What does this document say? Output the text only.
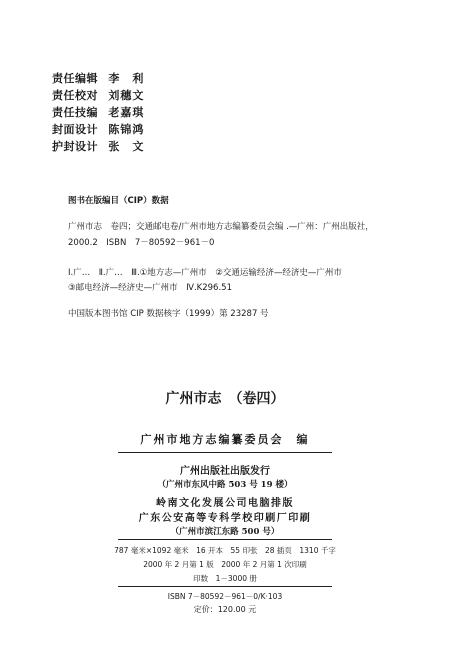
责任编辑 李　利
责任校对 刘穗文
责任技编 老嘉琪
封面设计 陈锦鸿
护封设计 张　文
图书在版编目（CIP）数据
广州市志　卷四；交通邮电卷/广州市地方志编纂委员会编 .—广州：广州出版社，
2000.2　ISBN　7－80592－961－0
Ⅰ.广…　Ⅱ.广…　Ⅲ.①地方志—广州市　②交通运输经济—经济史—广州市
③邮电经济—经济史—广州市　Ⅳ.K296.51
中国版本图书馆 CIP 数据核字（1999）第 23287 号
广州市志　（卷四）
广州市地方志编纂委员会　编
广州出版社出版发行
（广州市东风中路 503 号 19 楼）
岭南文化发展公司电脑排版
广东公安高等专科学校印刷厂印刷
（广州市滨江东路 500 号）
787 毫米×1092 毫米　16 开本　55 印张　28 插页　1310 千字
2000 年 2 月第 1 版　2000 年 2 月第 1 次印刷
印数　1－3000 册
ISBN 7－80592－961－0/K·103
定价：120.00 元
